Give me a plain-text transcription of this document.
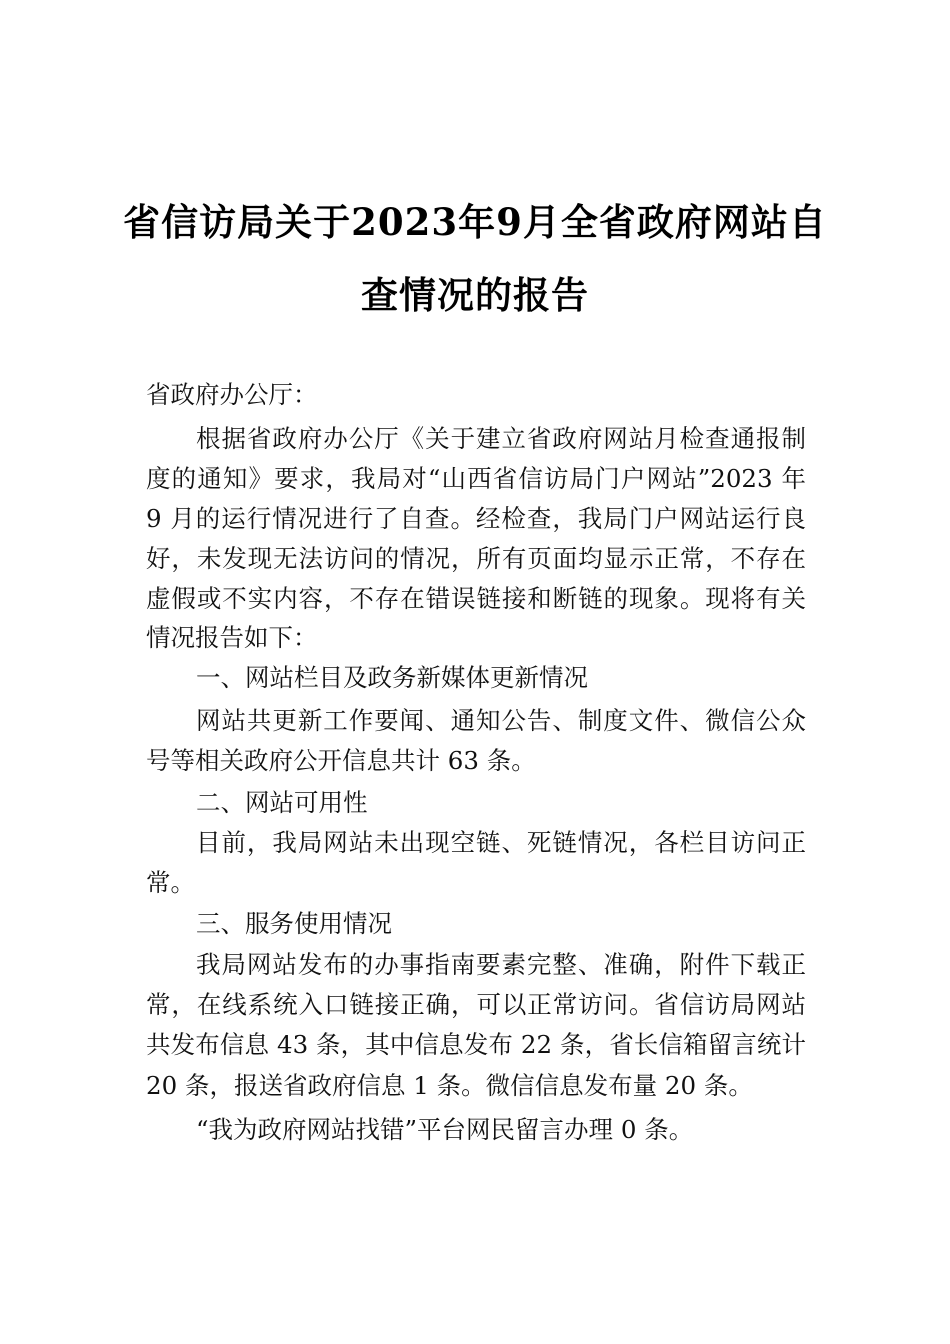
省信访局关于2023年9月全省政府网站自
查情况的报告
省政府办公厅：
根据省政府办公厅《关于建立省政府网站月检查通报制
度的通知》要求，我局对“山西省信访局门户网站”2023 年
9 月的运行情况进行了自查。经检查，我局门户网站运行良
好，未发现无法访问的情况，所有页面均显示正常，不存在
虚假或不实内容，不存在错误链接和断链的现象。现将有关
情况报告如下：
一、网站栏目及政务新媒体更新情况
网站共更新工作要闻、通知公告、制度文件、微信公众
号等相关政府公开信息共计 63 条。
二、网站可用性
目前，我局网站未出现空链、死链情况，各栏目访问正
常。
三、服务使用情况
我局网站发布的办事指南要素完整、准确，附件下载正
常，在线系统入口链接正确，可以正常访问。省信访局网站
共发布信息 43 条，其中信息发布 22 条，省长信箱留言统计
20 条，报送省政府信息 1 条。微信信息发布量 20 条。
“我为政府网站找错”平台网民留言办理 0 条。
